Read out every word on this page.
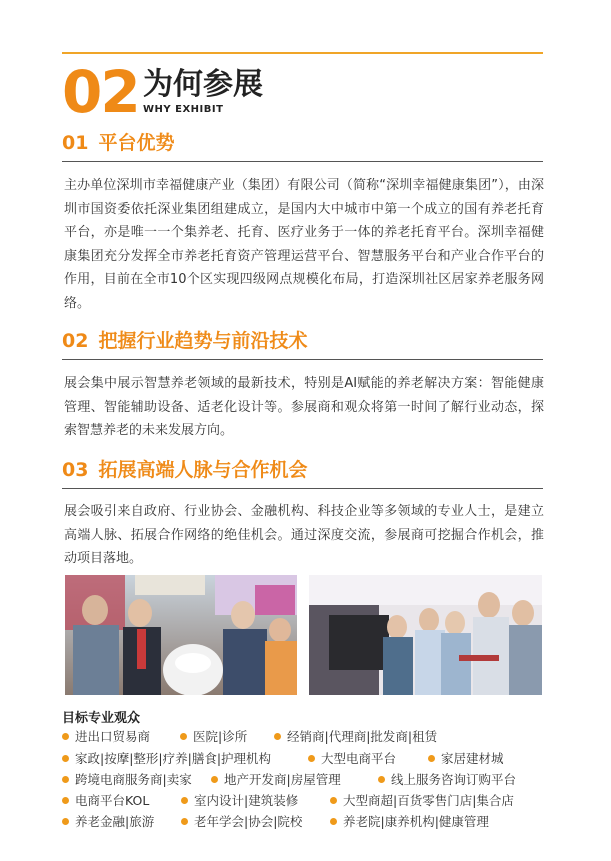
02 为何参展
WHY EXHIBIT
01 平台优势

主办单位深圳市幸福健康产业（集团）有限公司（简称“深圳幸福健康集团”），由深圳市国资委依托深业集团组建成立，是国内大中城市中第一个成立的国有养老托育平台，亦是唯一一个集养老、托育、医疗业务于一体的养老托育平台。深圳幸福健康集团充分发挥全市养老托育资产管理运营平台、智慧服务平台和产业合作平台的作用，目前在全市10个区实现四级网点规模化布局，打造深圳社区居家养老服务网络。

02 把握行业趋势与前沿技术

展会集中展示智慧养老领域的最新技术，特别是AI赋能的养老解决方案：智能健康管理、智能辅助设备、适老化设计等。参展商和观众将第一时间了解行业动态，探索智慧养老的未来发展方向。

03 拓展高端人脉与合作机会

展会吸引来自政府、行业协会、金融机构、科技企业等多领域的专业人士，是建立高端人脉、拓展合作网络的绝佳机会。通过深度交流，参展商可挖掘合作机会，推动项目落地。

目标专业观众
进出口贸易商	医院|诊所	经销商|代理商|批发商|租赁
家政|按摩|整形|疗养|膳食|护理机构	大型电商平台	家居建材城
跨境电商服务商|卖家	地产开发商|房屋管理	线上服务咨询订购平台
电商平台KOL	室内设计|建筑装修	大型商超|百货零售门店|集合店
养老金融|旅游	老年学会|协会|院校	养老院|康养机构|健康管理
